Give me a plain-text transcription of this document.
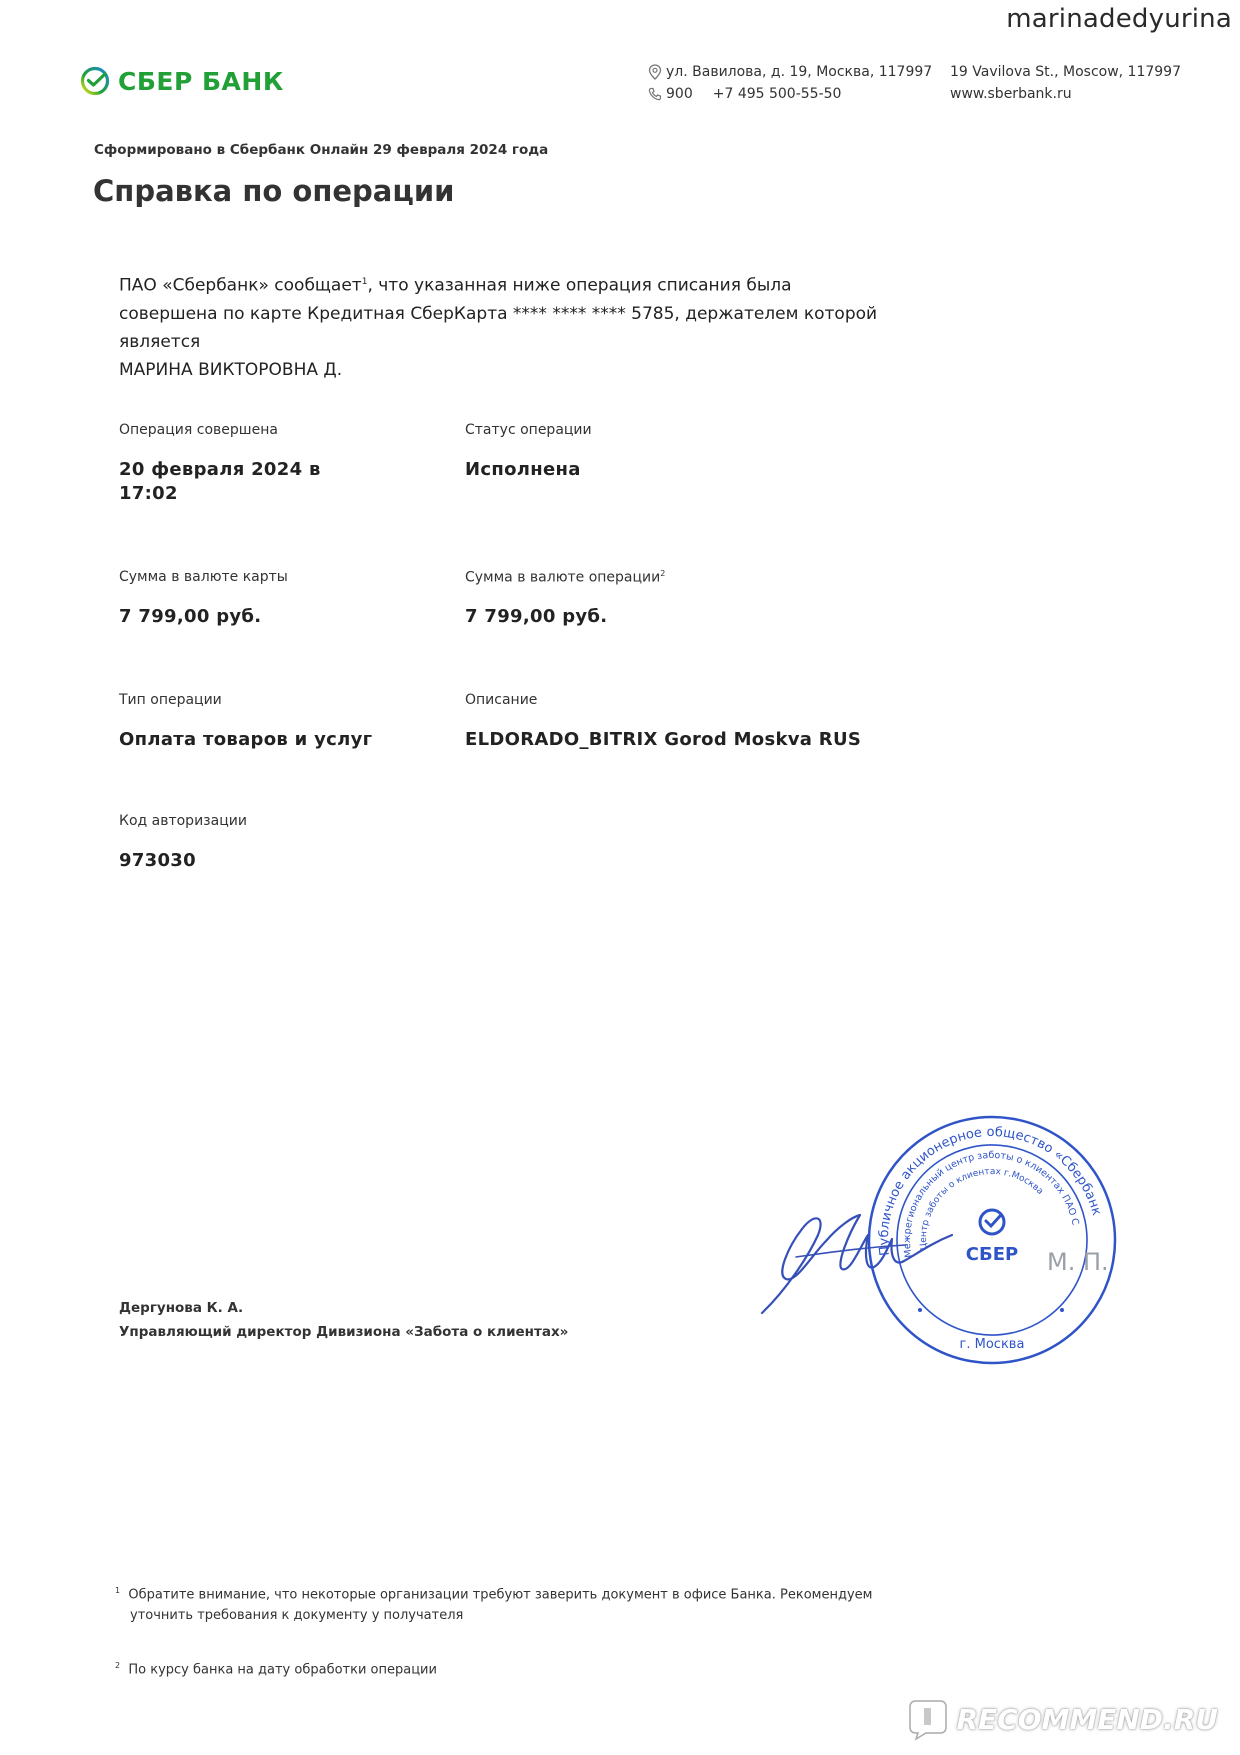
marinadedyurina
СБЕР БАНК	ул. Вавилова, д. 19, Москва, 117997
900 +7 495 500-55-50
19 Vavilova St., Moscow, 117997
www.sberbank.ru
Сформировано в Сбербанк Онлайн 29 февраля 2024 года
Справка по операции
ПАО «Сбербанк» сообщает$^1$, что указанная ниже операция списания была
совершена по карте Кредитная СберКарта **** **** **** 5785, держателем которой является
МАРИНА ВИКТОРОВНА Д.
Операция совершена
20 февраля 2024 в
17:02
Статус операции
Исполнена
Сумма в валюте карты
7 799,00 руб.
Сумма в валюте операции$^2$
7 799,00 руб.
Тип операции
Оплата товаров и услуг
Описание
ELDORADO_BITRIX Gorod Moskva RUS
Код авторизации
973030
Дергунова К. А.
Управляющий директор Дивизиона «Забота о клиентах»
Публичное акционерное общество «Сбербанк
Межрегиональный центр заботы о клиентах ПАО Сбербанк
Центр заботы о клиентах г.Москва
СБЕР
г. Москва
М. П.
$^1$ Обратите внимание, что некоторые организации требуют заверить документ в офисе Банка. Рекомендуем
уточнить требования к документу у получателя
$^2$ По курсу банка на дату обработки операции
RECOMMEND.RU
